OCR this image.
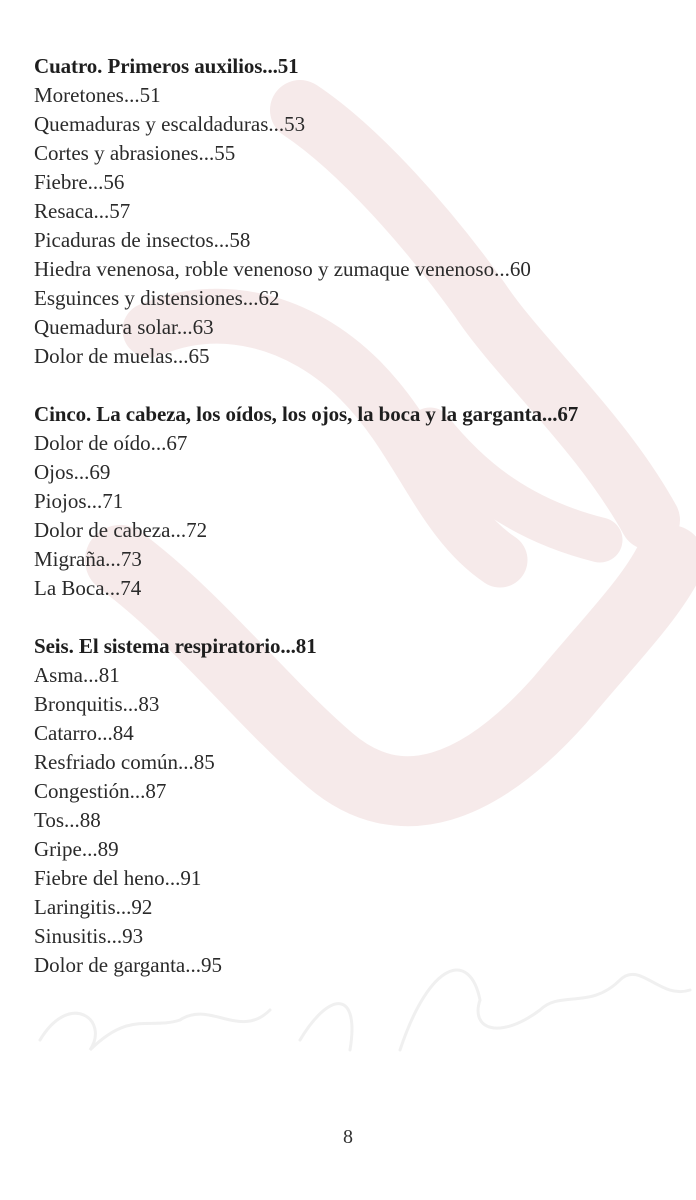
Cuatro. Primeros auxilios...51
Moretones...51
Quemaduras y escaldaduras...53
Cortes y abrasiones...55
Fiebre...56
Resaca...57
Picaduras de insectos...58
Hiedra venenosa, roble venenoso y zumaque venenoso...60
Esguinces y distensiones...62
Quemadura solar...63
Dolor de muelas...65
Cinco. La cabeza, los oídos, los ojos, la boca y la garganta...67
Dolor de oído...67
Ojos...69
Piojos...71
Dolor de cabeza...72
Migraña...73
La Boca...74
Seis. El sistema respiratorio...81
Asma...81
Bronquitis...83
Catarro...84
Resfriado común...85
Congestión...87
Tos...88
Gripe...89
Fiebre del heno...91
Laringitis...92
Sinusitis...93
Dolor de garganta...95
8
